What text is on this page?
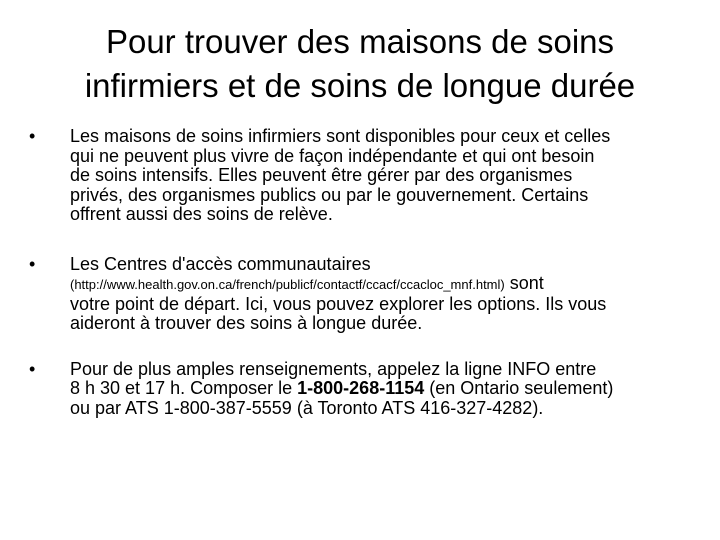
Pour trouver des maisons de soins
infirmiers et de soins de longue durée
• Les maisons de soins infirmiers sont disponibles pour ceux et celles
qui ne peuvent plus vivre de façon indépendante et qui ont besoin
de soins intensifs. Elles peuvent être gérer par des organismes
privés, des organismes publics ou par le gouvernement. Certains
offrent aussi des soins de relève.
• Les Centres d'accès communautaires
(http://www.health.gov.on.ca/french/publicf/contactf/ccacf/ccacloc_mnf.html) sont
votre point de départ. Ici, vous pouvez explorer les options. Ils vous
aideront à trouver des soins à longue durée.
• Pour de plus amples renseignements, appelez la ligne INFO entre
8 h 30 et 17 h. Composer le 1-800-268-1154 (en Ontario seulement)
ou par ATS 1-800-387-5559 (à Toronto ATS 416-327-4282).
